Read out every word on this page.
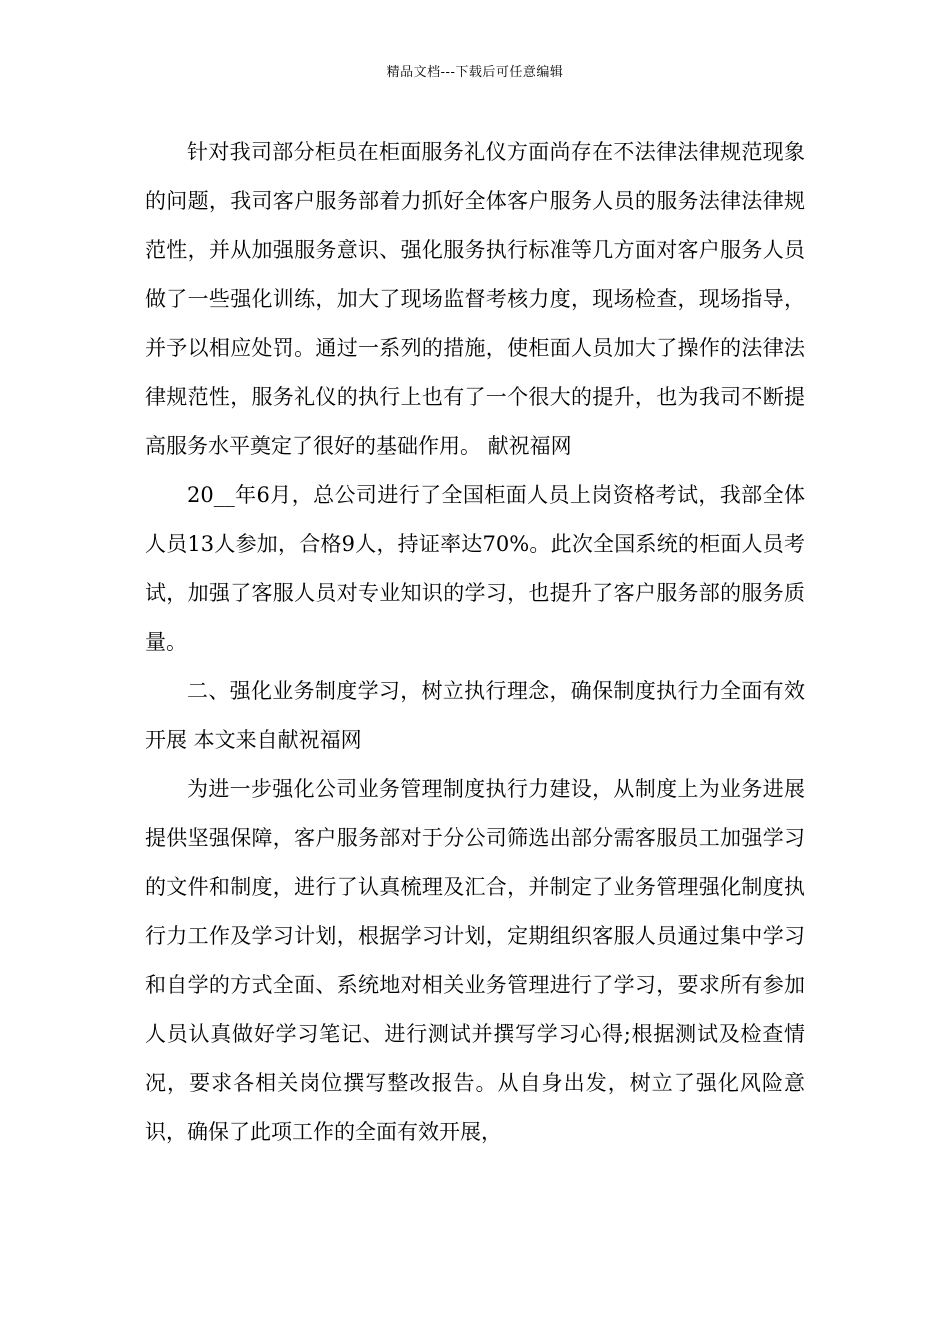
精品文档---下载后可任意编辑

针对我司部分柜员在柜面服务礼仪方面尚存在不法律法律规范现象的问题，我司客户服务部着力抓好全体客户服务人员的服务法律法律规范性，并从加强服务意识、强化服务执行标准等几方面对客户服务人员做了一些强化训练，加大了现场监督考核力度，现场检查，现场指导，并予以相应处罚。通过一系列的措施，使柜面人员加大了操作的法律法律规范性，服务礼仪的执行上也有了一个很大的提升，也为我司不断提高服务水平奠定了很好的基础作用。 献祝福网

20__年6月，总公司进行了全国柜面人员上岗资格考试，我部全体人员13人参加，合格9人，持证率达70%。此次全国系统的柜面人员考试，加强了客服人员对专业知识的学习，也提升了客户服务部的服务质量。

二、强化业务制度学习，树立执行理念，确保制度执行力全面有效开展 本文来自献祝福网

为进一步强化公司业务管理制度执行力建设，从制度上为业务进展提供坚强保障，客户服务部对于分公司筛选出部分需客服员工加强学习的文件和制度，进行了认真梳理及汇合，并制定了业务管理强化制度执行力工作及学习计划，根据学习计划，定期组织客服人员通过集中学习和自学的方式全面、系统地对相关业务管理进行了学习，要求所有参加人员认真做好学习笔记、进行测试并撰写学习心得;根据测试及检查情况，要求各相关岗位撰写整改报告。从自身出发，树立了强化风险意识，确保了此项工作的全面有效开展，
